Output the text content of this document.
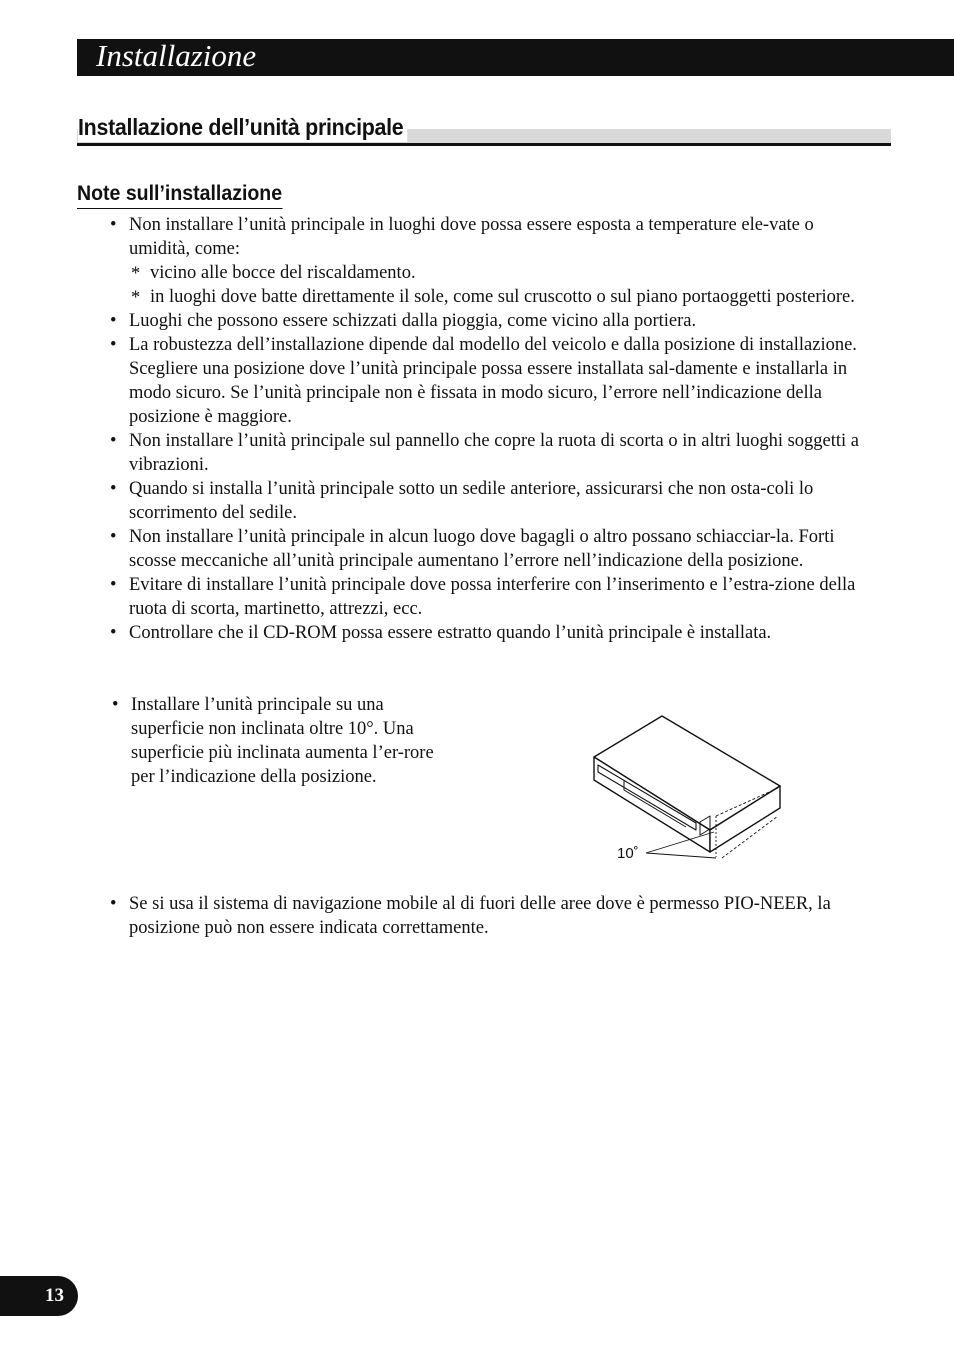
Installazione
Installazione dell’unità principale
Note sull’installazione
• Non installare l’unità principale in luoghi dove possa essere esposta a temperature ele-vate o umidità, come:
* vicino alle bocce del riscaldamento.
* in luoghi dove batte direttamente il sole, come sul cruscotto o sul piano portaoggetti posteriore.
• Luoghi che possono essere schizzati dalla pioggia, come vicino alla portiera.
• La robustezza dell’installazione dipende dal modello del veicolo e dalla posizione di installazione. Scegliere una posizione dove l’unità principale possa essere installata sal-damente e installarla in modo sicuro. Se l’unità principale non è fissata in modo sicuro, l’errore nell’indicazione della posizione è maggiore.
• Non installare l’unità principale sul pannello che copre la ruota di scorta o in altri luoghi soggetti a vibrazioni.
• Quando si installa l’unità principale sotto un sedile anteriore, assicurarsi che non osta-coli lo scorrimento del sedile.
• Non installare l’unità principale in alcun luogo dove bagagli o altro possano schiacciar-la. Forti scosse meccaniche all’unità principale aumentano l’errore nell’indicazione della posizione.
• Evitare di installare l’unità principale dove possa interferire con l’inserimento e l’estra-zione della ruota di scorta, martinetto, attrezzi, ecc.
• Controllare che il CD-ROM possa essere estratto quando l’unità principale è installata.
• Installare l’unità principale su una superficie non inclinata oltre 10°. Una superficie più inclinata aumenta l’er-rore per l’indicazione della posizione.
10˚
• Se si usa il sistema di navigazione mobile al di fuori delle aree dove è permesso PIO-NEER, la posizione può non essere indicata correttamente.
13
